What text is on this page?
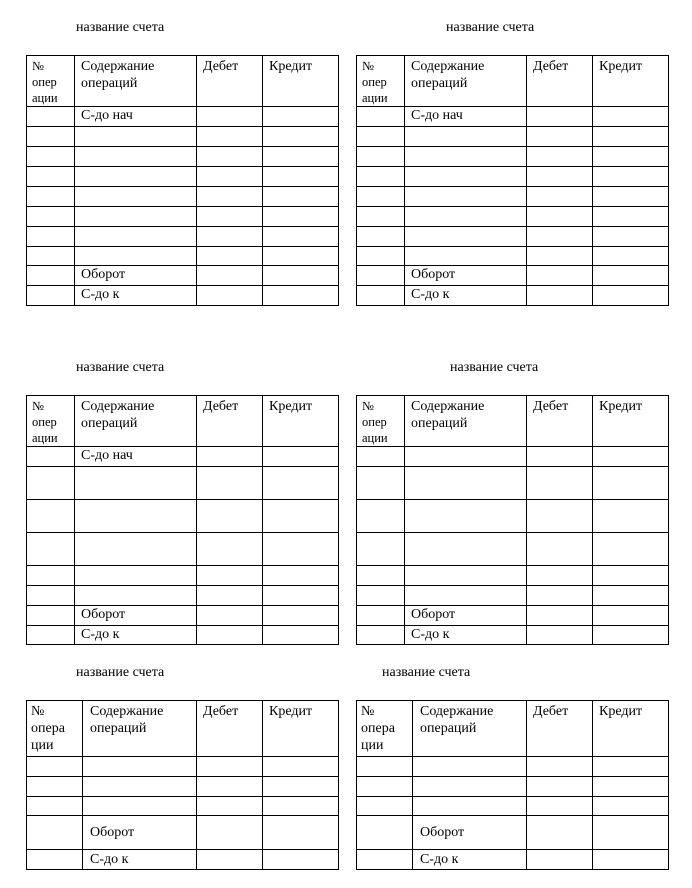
название счета
№
опер
ации	Содержание операций	Дебет	Кредит
	С-до нач		

	Оборот		
	С-до к		
название счета
№
опер
ации	Содержание операций	Дебет	Кредит
	С-до нач		

	Оборот		
	С-до к		
название счета
№
опер
ации	Содержание операций	Дебет	Кредит
	С-до нач		

	Оборот		
	С-до к		
название счета
№
опер
ации	Содержание операций	Дебет	Кредит

	Оборот		
	С-до к		
название счета
№
опера
ции	Содержание операций	Дебет	Кредит

	Оборот		
	С-до к		
название счета
№
опера
ции	Содержание операций	Дебет	Кредит

	Оборот		
	С-до к		
